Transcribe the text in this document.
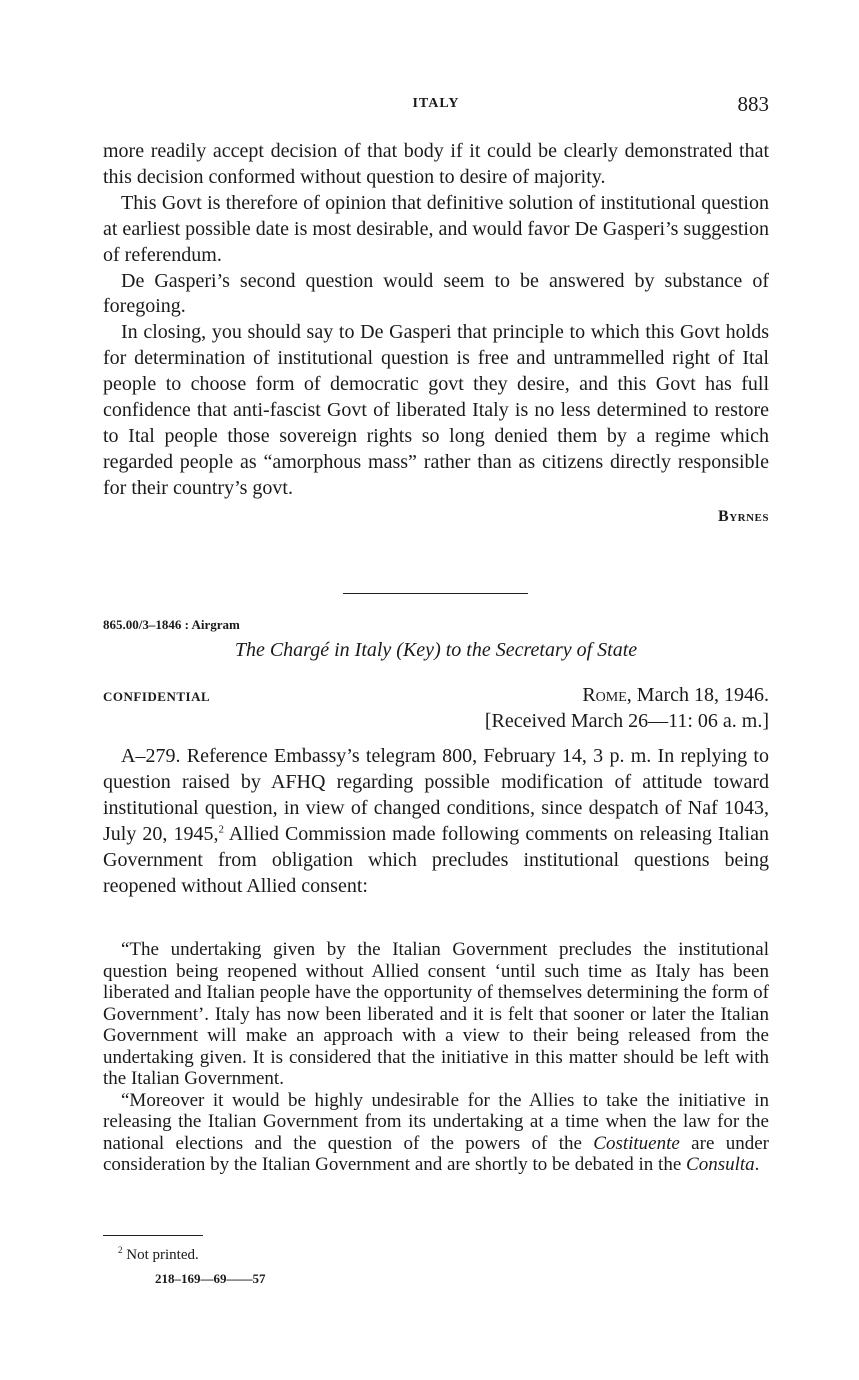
ITALY	883

more readily accept decision of that body if it could be clearly demonstrated that this decision conformed without question to desire of majority.

This Govt is therefore of opinion that definitive solution of institutional question at earliest possible date is most desirable, and would favor De Gasperi’s suggestion of referendum.

De Gasperi’s second question would seem to be answered by substance of foregoing.

In closing, you should say to De Gasperi that principle to which this Govt holds for determination of institutional question is free and untrammelled right of Ital people to choose form of democratic govt they desire, and this Govt has full confidence that anti-fascist Govt of liberated Italy is no less determined to restore to Ital people those sovereign rights so long denied them by a regime which regarded people as “amorphous mass” rather than as citizens directly responsible for their country’s govt.

Byrnes
865.00/3–1846 : Airgram
The Chargé in Italy (Key) to the Secretary of State
CONFIDENTIAL	Rome, March 18, 1946.
[Received March 26—11: 06 a. m.]

A–279. Reference Embassy’s telegram 800, February 14, 3 p. m. In replying to question raised by AFHQ regarding possible modification of attitude toward institutional question, in view of changed conditions, since despatch of Naf 1043, July 20, 1945,$^2$ Allied Commission made following comments on releasing Italian Government from obligation which precludes institutional questions being reopened without Allied consent:

“The undertaking given by the Italian Government precludes the institutional question being reopened without Allied consent ‘until such time as Italy has been liberated and Italian people have the opportunity of themselves determining the form of Government’. Italy has now been liberated and it is felt that sooner or later the Italian Government will make an approach with a view to their being released from the undertaking given. It is considered that the initiative in this matter should be left with the Italian Government.

“Moreover it would be highly undesirable for the Allies to take the initiative in releasing the Italian Government from its undertaking at a time when the law for the national elections and the question of the powers of the Costituente are under consideration by the Italian Government and are shortly to be debated in the Consulta.

$^2$ Not printed.
218–169—69——57
